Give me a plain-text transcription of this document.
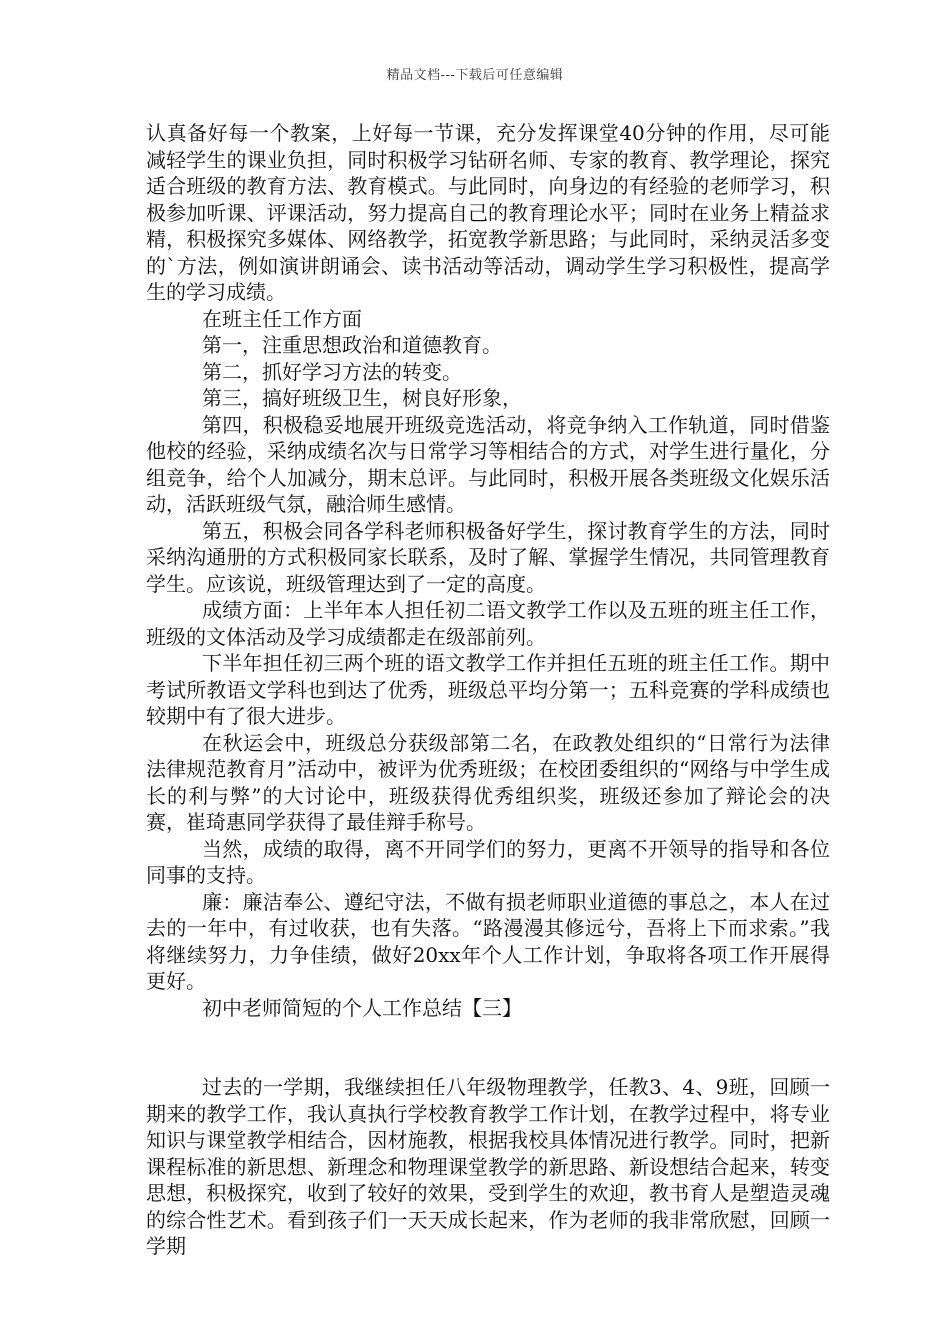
精品文档---下载后可任意编辑

认真备好每一个教案，上好每一节课，充分发挥课堂40分钟的作用，尽可能减轻学生的课业负担，同时积极学习钻研名师、专家的教育、教学理论，探究适合班级的教育方法、教育模式。与此同时，向身边的有经验的老师学习，积极参加听课、评课活动，努力提高自己的教育理论水平；同时在业务上精益求精，积极探究多媒体、网络教学，拓宽教学新思路；与此同时，采纳灵活多变的`方法，例如演讲朗诵会、读书活动等活动，调动学生学习积极性，提高学生的学习成绩。

在班主任工作方面

第一，注重思想政治和道德教育。

第二，抓好学习方法的转变。

第三，搞好班级卫生，树良好形象，

第四，积极稳妥地展开班级竞选活动，将竞争纳入工作轨道，同时借鉴他校的经验，采纳成绩名次与日常学习等相结合的方式，对学生进行量化，分组竞争，给个人加减分，期末总评。与此同时，积极开展各类班级文化娱乐活动，活跃班级气氛，融洽师生感情。

第五，积极会同各学科老师积极备好学生，探讨教育学生的方法，同时采纳沟通册的方式积极同家长联系，及时了解、掌握学生情况，共同管理教育学生。应该说，班级管理达到了一定的高度。

成绩方面：上半年本人担任初二语文教学工作以及五班的班主任工作，班级的文体活动及学习成绩都走在级部前列。

下半年担任初三两个班的语文教学工作并担任五班的班主任工作。期中考试所教语文学科也到达了优秀，班级总平均分第一；五科竞赛的学科成绩也较期中有了很大进步。

在秋运会中，班级总分获级部第二名，在政教处组织的“日常行为法律法律规范教育月”活动中，被评为优秀班级；在校团委组织的“网络与中学生成长的利与弊”的大讨论中，班级获得优秀组织奖，班级还参加了辩论会的决赛，崔琦惠同学获得了最佳辩手称号。

当然，成绩的取得，离不开同学们的努力，更离不开领导的指导和各位同事的支持。

廉：廉洁奉公、遵纪守法，不做有损老师职业道德的事总之，本人在过去的一年中，有过收获，也有失落。“路漫漫其修远兮，吾将上下而求索。”我将继续努力，力争佳绩，做好20xx年个人工作计划，争取将各项工作开展得更好。

初中老师简短的个人工作总结【三】

过去的一学期，我继续担任八年级物理教学，任教3、4、9班，回顾一期来的教学工作，我认真执行学校教育教学工作计划，在教学过程中，将专业知识与课堂教学相结合，因材施教，根据我校具体情况进行教学。同时，把新课程标准的新思想、新理念和物理课堂教学的新思路、新设想结合起来，转变思想，积极探究，收到了较好的效果，受到学生的欢迎，教书育人是塑造灵魂的综合性艺术。看到孩子们一天天成长起来，作为老师的我非常欣慰，回顾一学期
